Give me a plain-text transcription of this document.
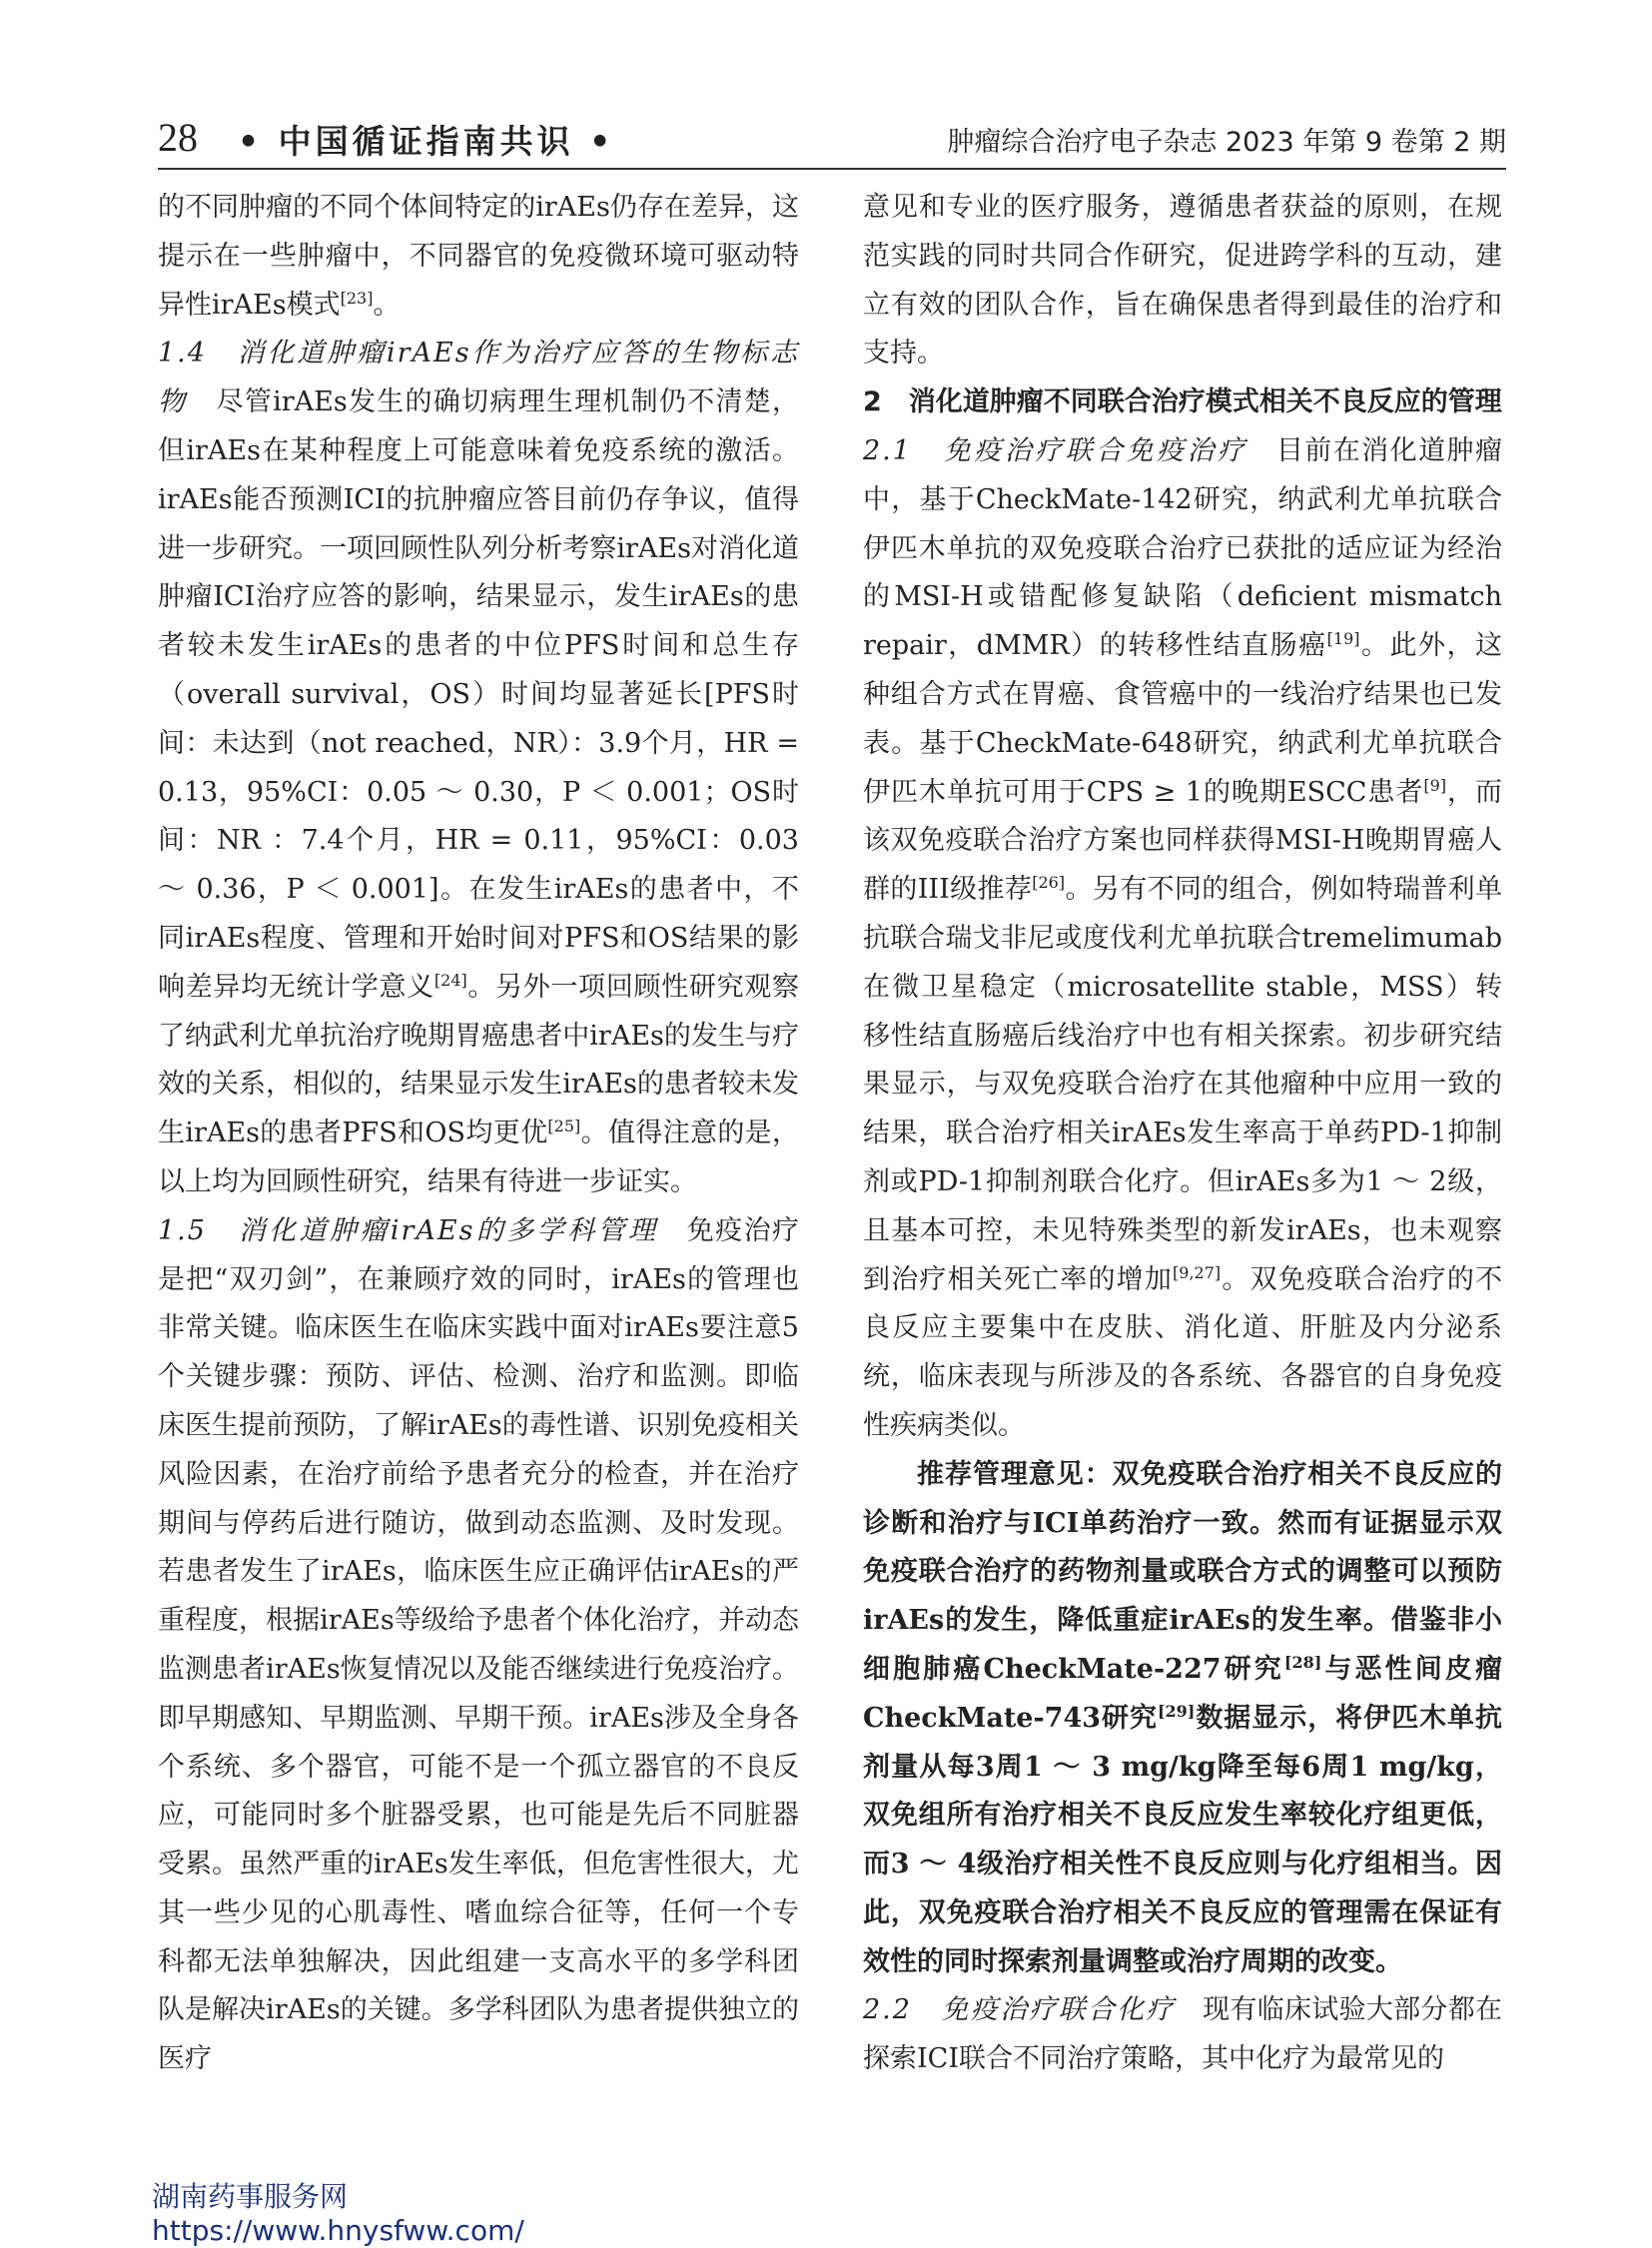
28 • 中国循证指南共识 •	肿瘤综合治疗电子杂志 2023 年第 9 卷第 2 期

的不同肿瘤的不同个体间特定的irAEs仍存在差异，这提示在一些肿瘤中，不同器官的免疫微环境可驱动特异性irAEs模式[23]。

1.4　消化道肿瘤irAEs作为治疗应答的生物标志物　尽管irAEs发生的确切病理生理机制仍不清楚，但irAEs在某种程度上可能意味着免疫系统的激活。irAEs能否预测ICI的抗肿瘤应答目前仍存争议，值得进一步研究。一项回顾性队列分析考察irAEs对消化道肿瘤ICI治疗应答的影响，结果显示，发生irAEs的患者较未发生irAEs的患者的中位PFS时间和总生存（overall survival，OS）时间均显著延长[PFS时间：未达到（not reached，NR）：3.9个月，HR = 0.13，95%CI：0.05 ～ 0.30，P ＜ 0.001；OS时间：NR ：7.4个月，HR = 0.11，95%CI：0.03 ～ 0.36，P ＜ 0.001]。在发生irAEs的患者中，不同irAEs程度、管理和开始时间对PFS和OS结果的影响差异均无统计学意义[24]。另外一项回顾性研究观察了纳武利尤单抗治疗晚期胃癌患者中irAEs的发生与疗效的关系，相似的，结果显示发生irAEs的患者较未发生irAEs的患者PFS和OS均更优[25]。值得注意的是，以上均为回顾性研究，结果有待进一步证实。

1.5　消化道肿瘤irAEs的多学科管理　免疫治疗是把“双刃剑”，在兼顾疗效的同时，irAEs的管理也非常关键。临床医生在临床实践中面对irAEs要注意5个关键步骤：预防、评估、检测、治疗和监测。即临床医生提前预防，了解irAEs的毒性谱、识别免疫相关风险因素，在治疗前给予患者充分的检查，并在治疗期间与停药后进行随访，做到动态监测、及时发现。若患者发生了irAEs，临床医生应正确评估irAEs的严重程度，根据irAEs等级给予患者个体化治疗，并动态监测患者irAEs恢复情况以及能否继续进行免疫治疗。即早期感知、早期监测、早期干预。irAEs涉及全身各个系统、多个器官，可能不是一个孤立器官的不良反应，可能同时多个脏器受累，也可能是先后不同脏器受累。虽然严重的irAEs发生率低，但危害性很大，尤其一些少见的心肌毒性、嗜血综合征等，任何一个专科都无法单独解决，因此组建一支高水平的多学科团队是解决irAEs的关键。多学科团队为患者提供独立的医疗

意见和专业的医疗服务，遵循患者获益的原则，在规范实践的同时共同合作研究，促进跨学科的互动，建立有效的团队合作，旨在确保患者得到最佳的治疗和支持。

2　消化道肿瘤不同联合治疗模式相关不良反应的管理

2.1　免疫治疗联合免疫治疗　目前在消化道肿瘤中，基于CheckMate-142研究，纳武利尤单抗联合伊匹木单抗的双免疫联合治疗已获批的适应证为经治的MSI-H或错配修复缺陷（deficient mismatch repair，dMMR）的转移性结直肠癌[19]。此外，这种组合方式在胃癌、食管癌中的一线治疗结果也已发表。基于CheckMate-648研究，纳武利尤单抗联合伊匹木单抗可用于CPS ≥ 1的晚期ESCC患者[9]，而该双免疫联合治疗方案也同样获得MSI-H晚期胃癌人群的III级推荐[26]。另有不同的组合，例如特瑞普利单抗联合瑞戈非尼或度伐利尤单抗联合tremelimumab在微卫星稳定（microsatellite stable，MSS）转移性结直肠癌后线治疗中也有相关探索。初步研究结果显示，与双免疫联合治疗在其他瘤种中应用一致的结果，联合治疗相关irAEs发生率高于单药PD-1抑制剂或PD-1抑制剂联合化疗。但irAEs多为1 ～ 2级，且基本可控，未见特殊类型的新发irAEs，也未观察到治疗相关死亡率的增加[9,27]。双免疫联合治疗的不良反应主要集中在皮肤、消化道、肝脏及内分泌系统，临床表现与所涉及的各系统、各器官的自身免疫性疾病类似。

推荐管理意见：双免疫联合治疗相关不良反应的诊断和治疗与ICI单药治疗一致。然而有证据显示双免疫联合治疗的药物剂量或联合方式的调整可以预防irAEs的发生，降低重症irAEs的发生率。借鉴非小细胞肺癌CheckMate-227研究[28]与恶性间皮瘤CheckMate-743研究[29]数据显示，将伊匹木单抗剂量从每3周1 ～ 3 mg/kg降至每6周1 mg/kg，双免组所有治疗相关不良反应发生率较化疗组更低，而3 ～ 4级治疗相关性不良反应则与化疗组相当。因此，双免疫联合治疗相关不良反应的管理需在保证有效性的同时探索剂量调整或治疗周期的改变。

2.2　免疫治疗联合化疗　现有临床试验大部分都在探索ICI联合不同治疗策略，其中化疗为最常见的

湖南药事服务网
https://www.hnysfww.com/
